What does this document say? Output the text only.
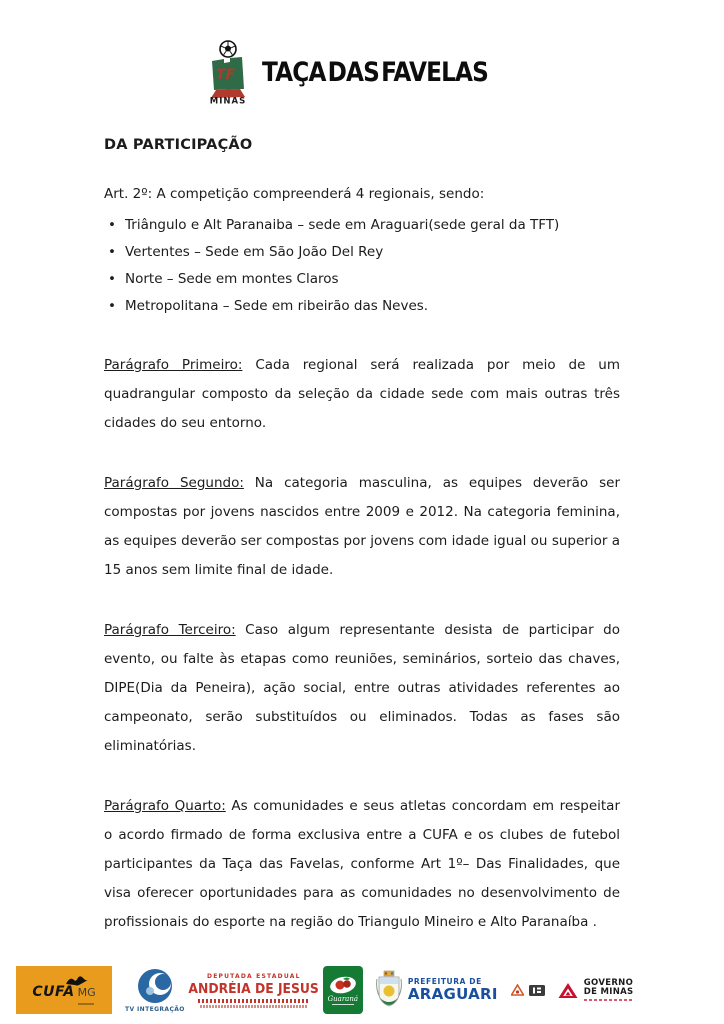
TF
MINAS
TAÇA DAS FAVELAS
DA PARTICIPAÇÃO
Art. 2º: A competição compreenderá 4 regionais, sendo:
• Triângulo e Alt Paranaiba – sede em Araguari(sede geral da TFT)
• Vertentes – Sede em São João Del Rey
• Norte – Sede em montes Claros
• Metropolitana – Sede em ribeirão das Neves.

Parágrafo Primeiro: Cada regional será realizada por meio de um quadrangular composto da seleção da cidade sede com mais outras três cidades do seu entorno.

Parágrafo Segundo: Na categoria masculina, as equipes deverão ser compostas por jovens nascidos entre 2009 e 2012. Na categoria feminina, as equipes deverão ser compostas por jovens com idade igual ou superior a 15 anos sem limite final de idade.

Parágrafo Terceiro: Caso algum representante desista de participar do evento, ou falte às etapas como reuniões, seminários, sorteio das chaves, DIPE(Dia da Peneira), ação social, entre outras atividades referentes ao campeonato, serão substituídos ou eliminados. Todas as fases são eliminatórias.

Parágrafo Quarto: As comunidades e seus atletas concordam em respeitar o acordo firmado de forma exclusiva entre a CUFA e os clubes de futebol participantes da Taça das Favelas, conforme Art 1º– Das Finalidades, que visa oferecer oportunidades para as comunidades no desenvolvimento de profissionais do esporte na região do Triangulo Mineiro e Alto Paranaíba .

CUFA MG
TV INTEGRAÇÃO
DEPUTADA ESTADUAL
ANDRÉIA DE JESUS
Guaraná
PREFEITURA DE
ARAGUARI
GOVERNO
DE MINAS
